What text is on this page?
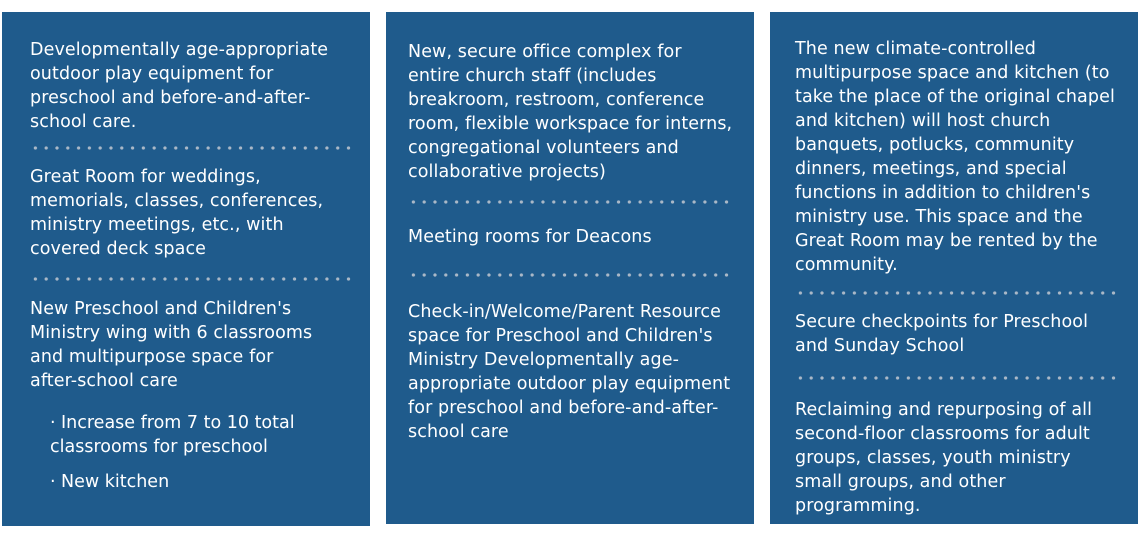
Developmentally age-appropriate outdoor play equipment for preschool and before-and-after-school care.
Great Room for weddings, memorials, classes, conferences, ministry meetings, etc., with covered deck space
New Preschool and Children's Ministry wing with 6 classrooms and multipurpose space for after-school care
· Increase from 7 to 10 total classrooms for preschool
· New kitchen
New, secure office complex for entire church staff (includes breakroom, restroom, conference room, flexible workspace for interns, congregational volunteers and collaborative projects)
Meeting rooms for Deacons
Check-in/Welcome/Parent Resource space for Preschool and Children's Ministry Developmentally age-appropriate outdoor play equipment for preschool and before-and-after-school care
The new climate-controlled multipurpose space and kitchen (to take the place of the original chapel and kitchen) will host church banquets, potlucks, community dinners, meetings, and special functions in addition to children's ministry use. This space and the Great Room may be rented by the community.
Secure checkpoints for Preschool and Sunday School
Reclaiming and repurposing of all second-floor classrooms for adult groups, classes, youth ministry small groups, and other programming.
